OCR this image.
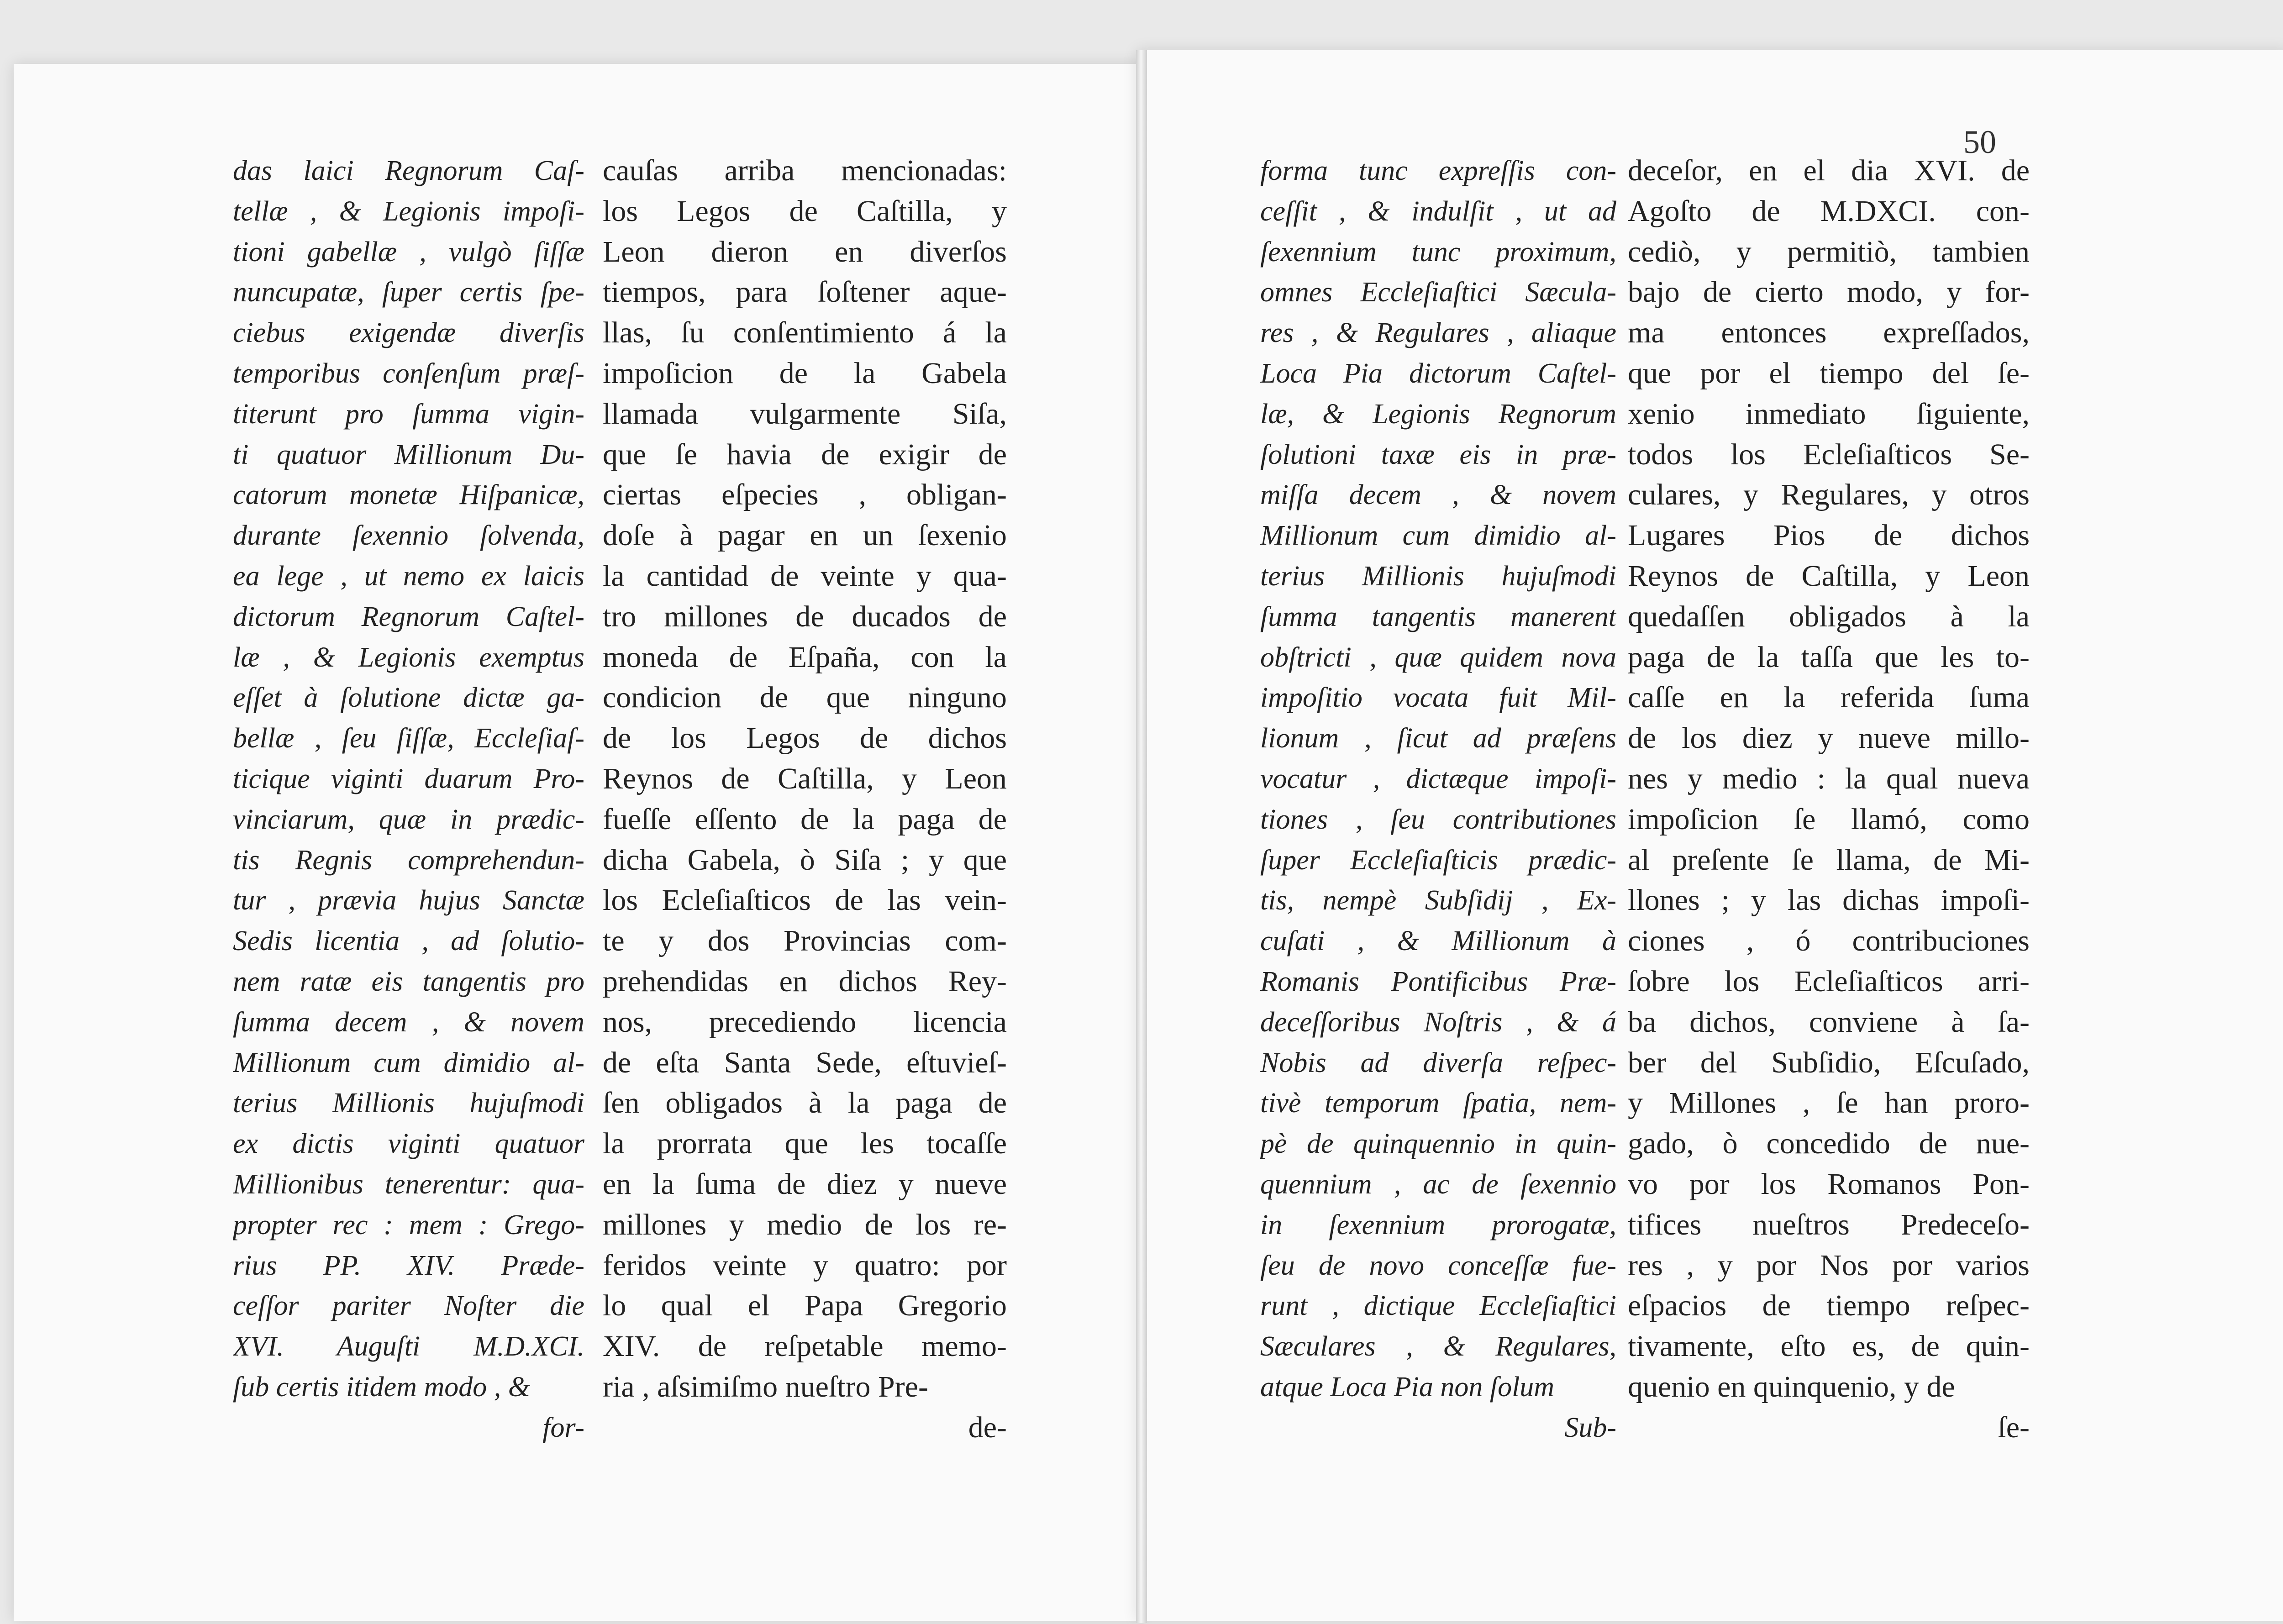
50
das laici Regnorum Caſ-
tellæ , & Legionis impoſi-
tioni gabellæ , vulgò ſiſſæ
nuncupatæ, ſuper certis ſpe-
ciebus exigendæ diverſis
temporibus conſenſum præſ-
titerunt pro ſumma vigin-
ti quatuor Millionum Du-
catorum monetæ Hiſpanicæ,
durante ſexennio ſolvenda,
ea lege , ut nemo ex laicis
dictorum Regnorum Caſtel-
læ , & Legionis exemptus
eſſet à ſolutione dictæ ga-
bellæ , ſeu ſiſſæ, Eccleſiaſ-
ticique viginti duarum Pro-
vinciarum, quæ in prædic-
tis Regnis comprehendun-
tur , prævia hujus Sanctæ
Sedis licentia , ad ſolutio-
nem ratæ eis tangentis pro
ſumma decem , & novem
Millionum cum dimidio al-
terius Millionis hujuſmodi
ex dictis viginti quatuor
Millionibus tenerentur: qua-
propter rec : mem : Grego-
rius PP. XIV. Præde-
ceſſor pariter Noſter die
XVI. Auguſti M.D.XCI.
ſub certis itidem modo , &
for-
cauſas arriba mencionadas:
los Legos de Caſtilla, y
Leon dieron en diverſos
tiempos, para ſoſtener aque-
llas, ſu conſentimiento á la
impoſicion de la Gabela
llamada vulgarmente Siſa,
que ſe havia de exigir de
ciertas eſpecies , obligan-
doſe à pagar en un ſexenio
la cantidad de veinte y qua-
tro millones de ducados de
moneda de Eſpaña, con la
condicion de que ninguno
de los Legos de dichos
Reynos de Caſtilla, y Leon
fueſſe eſſento de la paga de
dicha Gabela, ò Siſa ; y que
los Ecleſiaſticos de las vein-
te y dos Provincias com-
prehendidas en dichos Rey-
nos, precediendo licencia
de eſta Santa Sede, eſtuvieſ-
ſen obligados à la paga de
la prorrata que les tocaſſe
en la ſuma de diez y nueve
millones y medio de los re-
feridos veinte y quatro: por
lo qual el Papa Gregorio
XIV. de reſpetable memo-
ria , aſsimiſmo nueſtro Pre-
de-
forma tunc expreſſis con-
ceſſit , & indulſit , ut ad
ſexennium tunc proximum,
omnes Eccleſiaſtici Sæcula-
res , & Regulares , aliaque
Loca Pia dictorum Caſtel-
læ, & Legionis Regnorum
ſolutioni taxæ eis in præ-
miſſa decem , & novem
Millionum cum dimidio al-
terius Millionis hujuſmodi
ſumma tangentis manerent
obſtricti , quæ quidem nova
impoſitio vocata fuit Mil-
lionum , ſicut ad præſens
vocatur , dictæque impoſi-
tiones , ſeu contributiones
ſuper Eccleſiaſticis prædic-
tis, nempè Subſidij , Ex-
cuſati , & Millionum à
Romanis Pontificibus Præ-
deceſſoribus Noſtris , & á
Nobis ad diverſa reſpec-
tivè temporum ſpatia, nem-
pè de quinquennio in quin-
quennium , ac de ſexennio
in ſexennium prorogatæ,
ſeu de novo conceſſæ fue-
runt , dictique Eccleſiaſtici
Sæculares , & Regulares,
atque Loca Pia non ſolum
Sub-
deceſor, en el dia XVI. de
Agoſto de M.DXCI. con-
cediò, y permitiò, tambien
bajo de cierto modo, y for-
ma entonces expreſſados,
que por el tiempo del ſe-
xenio inmediato ſiguiente,
todos los Ecleſiaſticos Se-
culares, y Regulares, y otros
Lugares Pios de dichos
Reynos de Caſtilla, y Leon
quedaſſen obligados à la
paga de la taſſa que les to-
caſſe en la referida ſuma
de los diez y nueve millo-
nes y medio : la qual nueva
impoſicion ſe llamó, como
al preſente ſe llama, de Mi-
llones ; y las dichas impoſi-
ciones , ó contribuciones
ſobre los Ecleſiaſticos arri-
ba dichos, conviene à ſa-
ber del Subſidio, Eſcuſado,
y Millones , ſe han proro-
gado, ò concedido de nue-
vo por los Romanos Pon-
tifices nueſtros Predeceſo-
res , y por Nos por varios
eſpacios de tiempo reſpec-
tivamente, eſto es, de quin-
quenio en quinquenio, y de
ſe-
